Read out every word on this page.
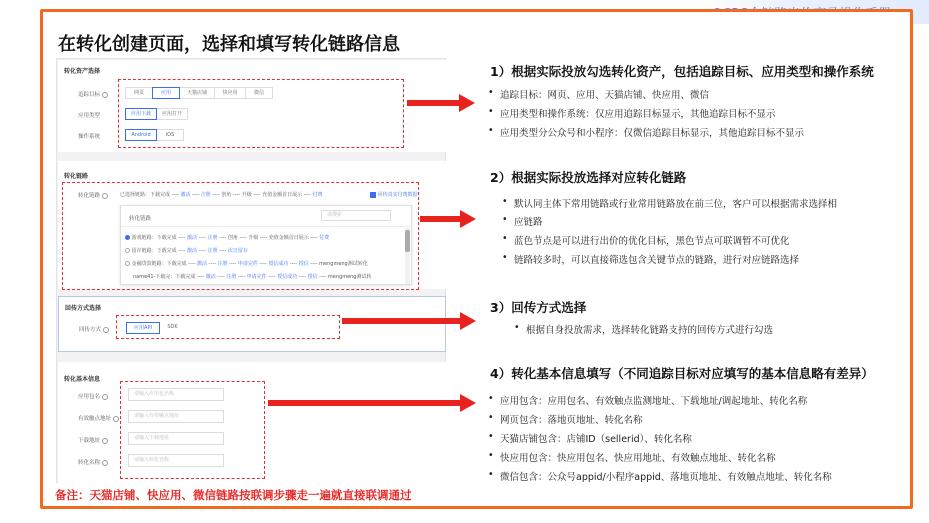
在转化创建页面，选择和填写转化链路信息
转化资产选择
追踪目标	网页	应用	天猫店铺	快应用	微信
应用类型	应用下载	应用打开
操作系统	Android	iOS
转化链路
转化链路	已选择链路：下载完成 ---- 激活 ---- 注册 ---- 创角 ---- 升级 ---- 充值金额首日展示 ---- 付费	回传真实付费数据
转化链路
请搜索
游戏链路：下载完成 ---- 激活 ---- 注册 ---- 创角 ---- 升级 ---- 充值金额首日展示 ---- 付费
留存链路：下载完成 ---- 激活 ---- 注册 ---- 次日留存
金融贷款链路：下载完成 ---- 激活 ---- 注册 ---- 申请完件 ---- 授信成功 ---- 授信 ---- mengmeng测试转化
name41-下载完：下载完成 ---- 激活 ---- 注册 ---- 申请完件 ---- 授信成功 ---- 授信 ---- mengmeng测试转
回传方式选择
回传方式	应用API	SDK
转化基本信息
应用包名	请输入应用包名称
有效触点地址	请输入有效触点地址
下载地址	请输入下载地址
转化名称	请输入转化名称
1）根据实际投放勾选转化资产，包括追踪目标、应用类型和操作系统
• 追踪目标：网页、应用、天猫店铺、快应用、微信
• 应用类型和操作系统：仅应用追踪目标显示，其他追踪目标不显示
• 应用类型分公众号和小程序：仅微信追踪目标显示，其他追踪目标不显示
2）根据实际投放选择对应转化链路
• 默认同主体下常用链路或行业常用链路放在前三位，客户可以根据需求选择相
• 应链路
• 蓝色节点是可以进行出价的优化目标，黑色节点可联调暂不可优化
• 链路较多时，可以直接筛选包含关键节点的链路，进行对应链路选择
3）回传方式选择
• 根据自身投放需求，选择转化链路支持的回传方式进行勾选
4）转化基本信息填写（不同追踪目标对应填写的基本信息略有差异）
• 应用包含：应用包名、有效触点监测地址、下载地址/调起地址、转化名称
• 网页包含：落地页地址、转化名称
• 天猫店铺包含：店铺ID（sellerid）、转化名称
• 快应用包含：快应用包名、快应用地址、有效触点地址、转化名称
• 微信包含：公众号appid/小程序appid、落地页地址、有效触点地址、转化名称
备注：天猫店铺、快应用、微信链路按联调步骤走一遍就直接联调通过
